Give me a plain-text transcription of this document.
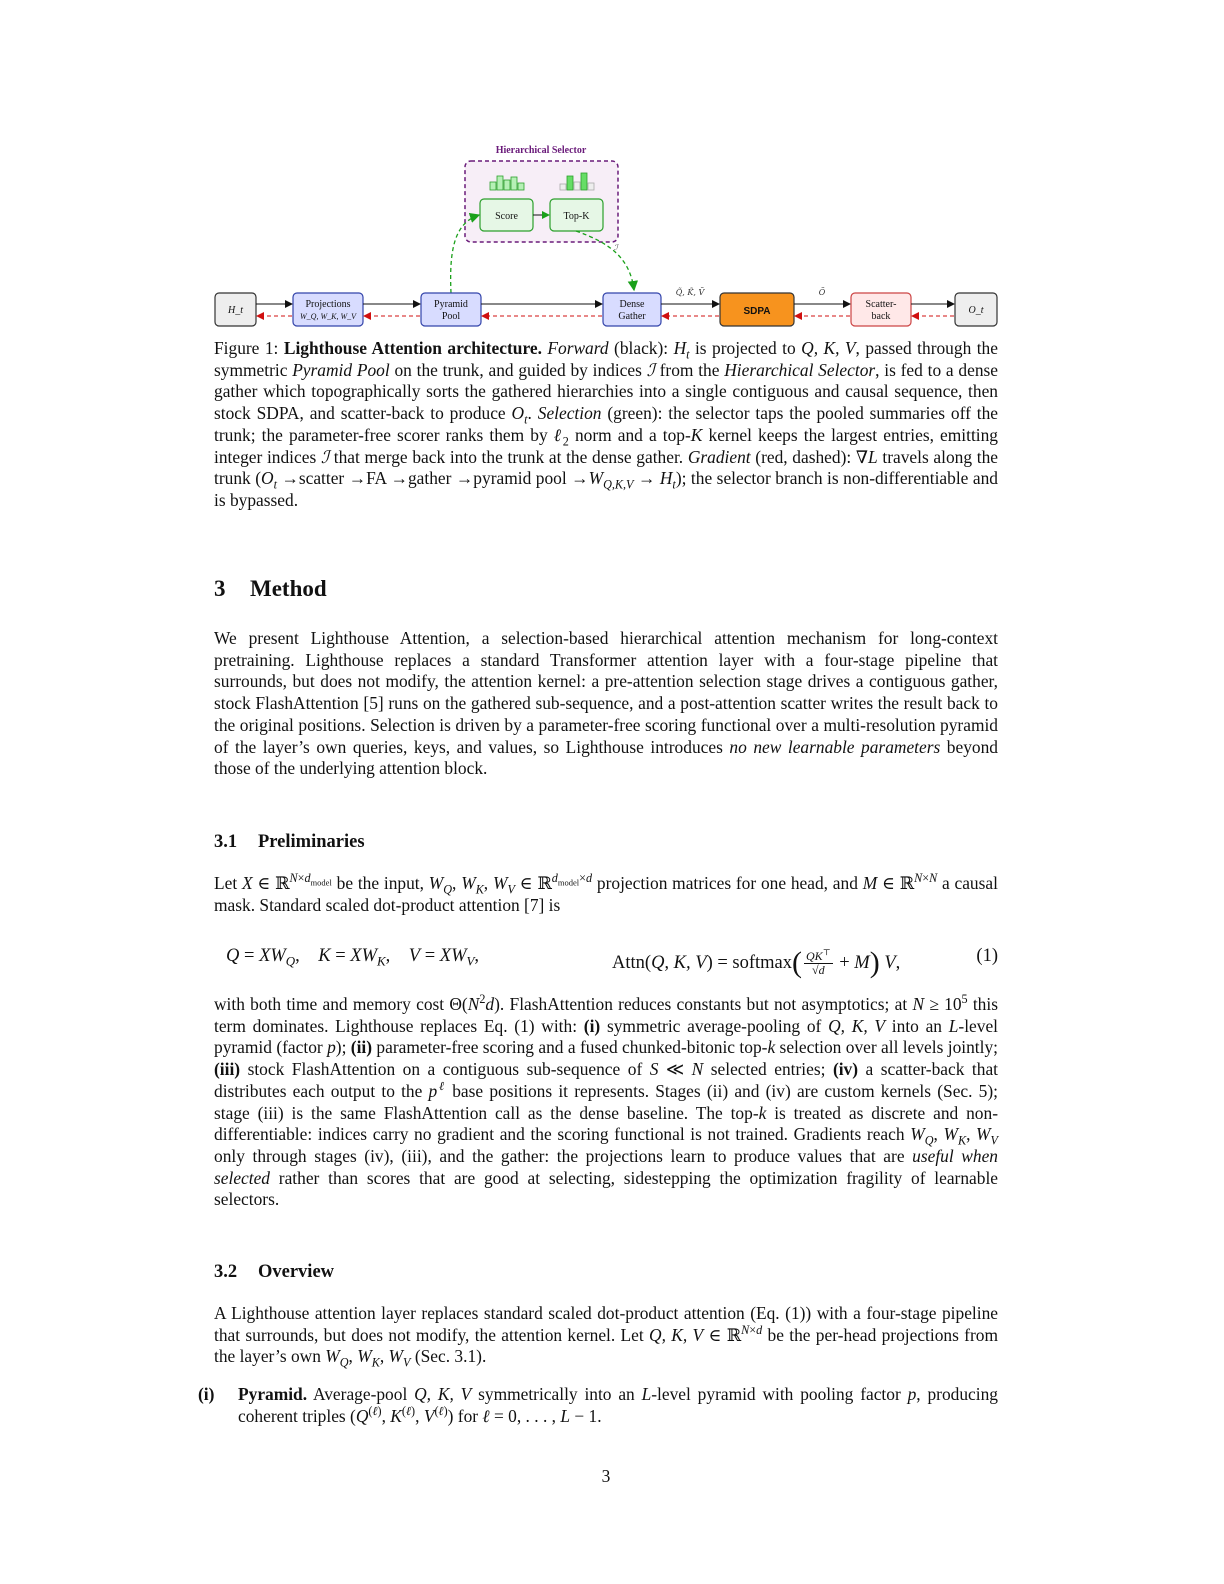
Hierarchical Selector
Score	Top-K
ℐ
Q̃, K̃, Ṽ	Õ
H_t
Projections
W_Q, W_K, W_V
Pyramid
Pool
Dense
Gather	SDPA
Scatter-
back
O_t
Figure 1: Lighthouse Attention architecture. Forward (black): $H_t$ is projected to Q, K, V, passed through the symmetric Pyramid Pool on the trunk, and guided by indices ℐ from the Hierarchical Selector, is fed to a dense gather which topographically sorts the gathered hierarchies into a single contiguous and causal sequence, then stock SDPA, and scatter-back to produce $O_t$. Selection (green): the selector taps the pooled summaries off the trunk; the parameter-free scorer ranks them by ℓ$_2$ norm and a top-K kernel keeps the largest entries, emitting integer indices ℐ that merge back into the trunk at the dense gather. Gradient (red, dashed): ∇L travels along the trunk ($O_t$ →scatter →FA →gather →pyramid pool $\to W_{Q,K,V} \to H_t$); the selector branch is non-differentiable and is bypassed.
3 Method
We present Lighthouse Attention, a selection-based hierarchical attention mechanism for long-context pretraining. Lighthouse replaces a standard Transformer attention layer with a four-stage pipeline that surrounds, but does not modify, the attention kernel: a pre-attention selection stage drives a contiguous gather, stock FlashAttention [5] runs on the gathered sub-sequence, and a post-attention scatter writes the result back to the original positions. Selection is driven by a parameter-free scoring functional over a multi-resolution pyramid of the layer’s own queries, keys, and values, so Lighthouse introduces no new learnable parameters beyond those of the underlying attention block.
3.1 Preliminaries
Let X ∈ ℝ$^{N\times d_{model}}$ be the input, $W_Q$, $W_K$, $W_V$ ∈ ℝ$^{d_{model}\times d}$ projection matrices for one head, and M ∈ ℝ$^{N\times N}$ a causal mask. Standard scaled dot-product attention [7] is
$Q = XW_Q$,    $K = XW_K$,    $V = XW_V$,	Attn(Q, K, V) = softmax( $\frac{QK^⊤}{√d} + M$) V,	(1)
with both time and memory cost $\Theta(N^2d)$. FlashAttention reduces constants but not asymptotics; at $N \ge 10^5$ this term dominates. Lighthouse replaces Eq. (1) with: (i) symmetric average-pooling of Q, K, V into an L-level pyramid (factor p); (ii) parameter-free scoring and a fused chunked-bitonic top-k selection over all levels jointly; (iii) stock FlashAttention on a contiguous sub-sequence of S ≪ N selected entries; (iv) a scatter-back that distributes each output to the $p^\ell$ base positions it represents. Stages (ii) and (iv) are custom kernels (Sec. 5); stage (iii) is the same FlashAttention call as the dense baseline. The top-k is treated as discrete and non-differentiable: indices carry no gradient and the scoring functional is not trained. Gradients reach $W_Q$, $W_K$, $W_V$ only through stages (iv), (iii), and the gather: the projections learn to produce values that are useful when selected rather than scores that are good at selecting, sidestepping the optimization fragility of learnable selectors.
3.2 Overview
A Lighthouse attention layer replaces standard scaled dot-product attention (Eq. (1)) with a four-stage pipeline that surrounds, but does not modify, the attention kernel. Let Q, K, V ∈ ℝ$^{N\times d}$ be the per-head projections from the layer’s own $W_Q$, $W_K$, $W_V$ (Sec. 3.1).
(i) Pyramid. Average-pool Q, K, V symmetrically into an L-level pyramid with pooling factor p, producing coherent triples ($Q^{(\ell)}$, $K^{(\ell)}$, $V^{(\ell)}$) for ℓ = 0, . . . , L − 1.
3
